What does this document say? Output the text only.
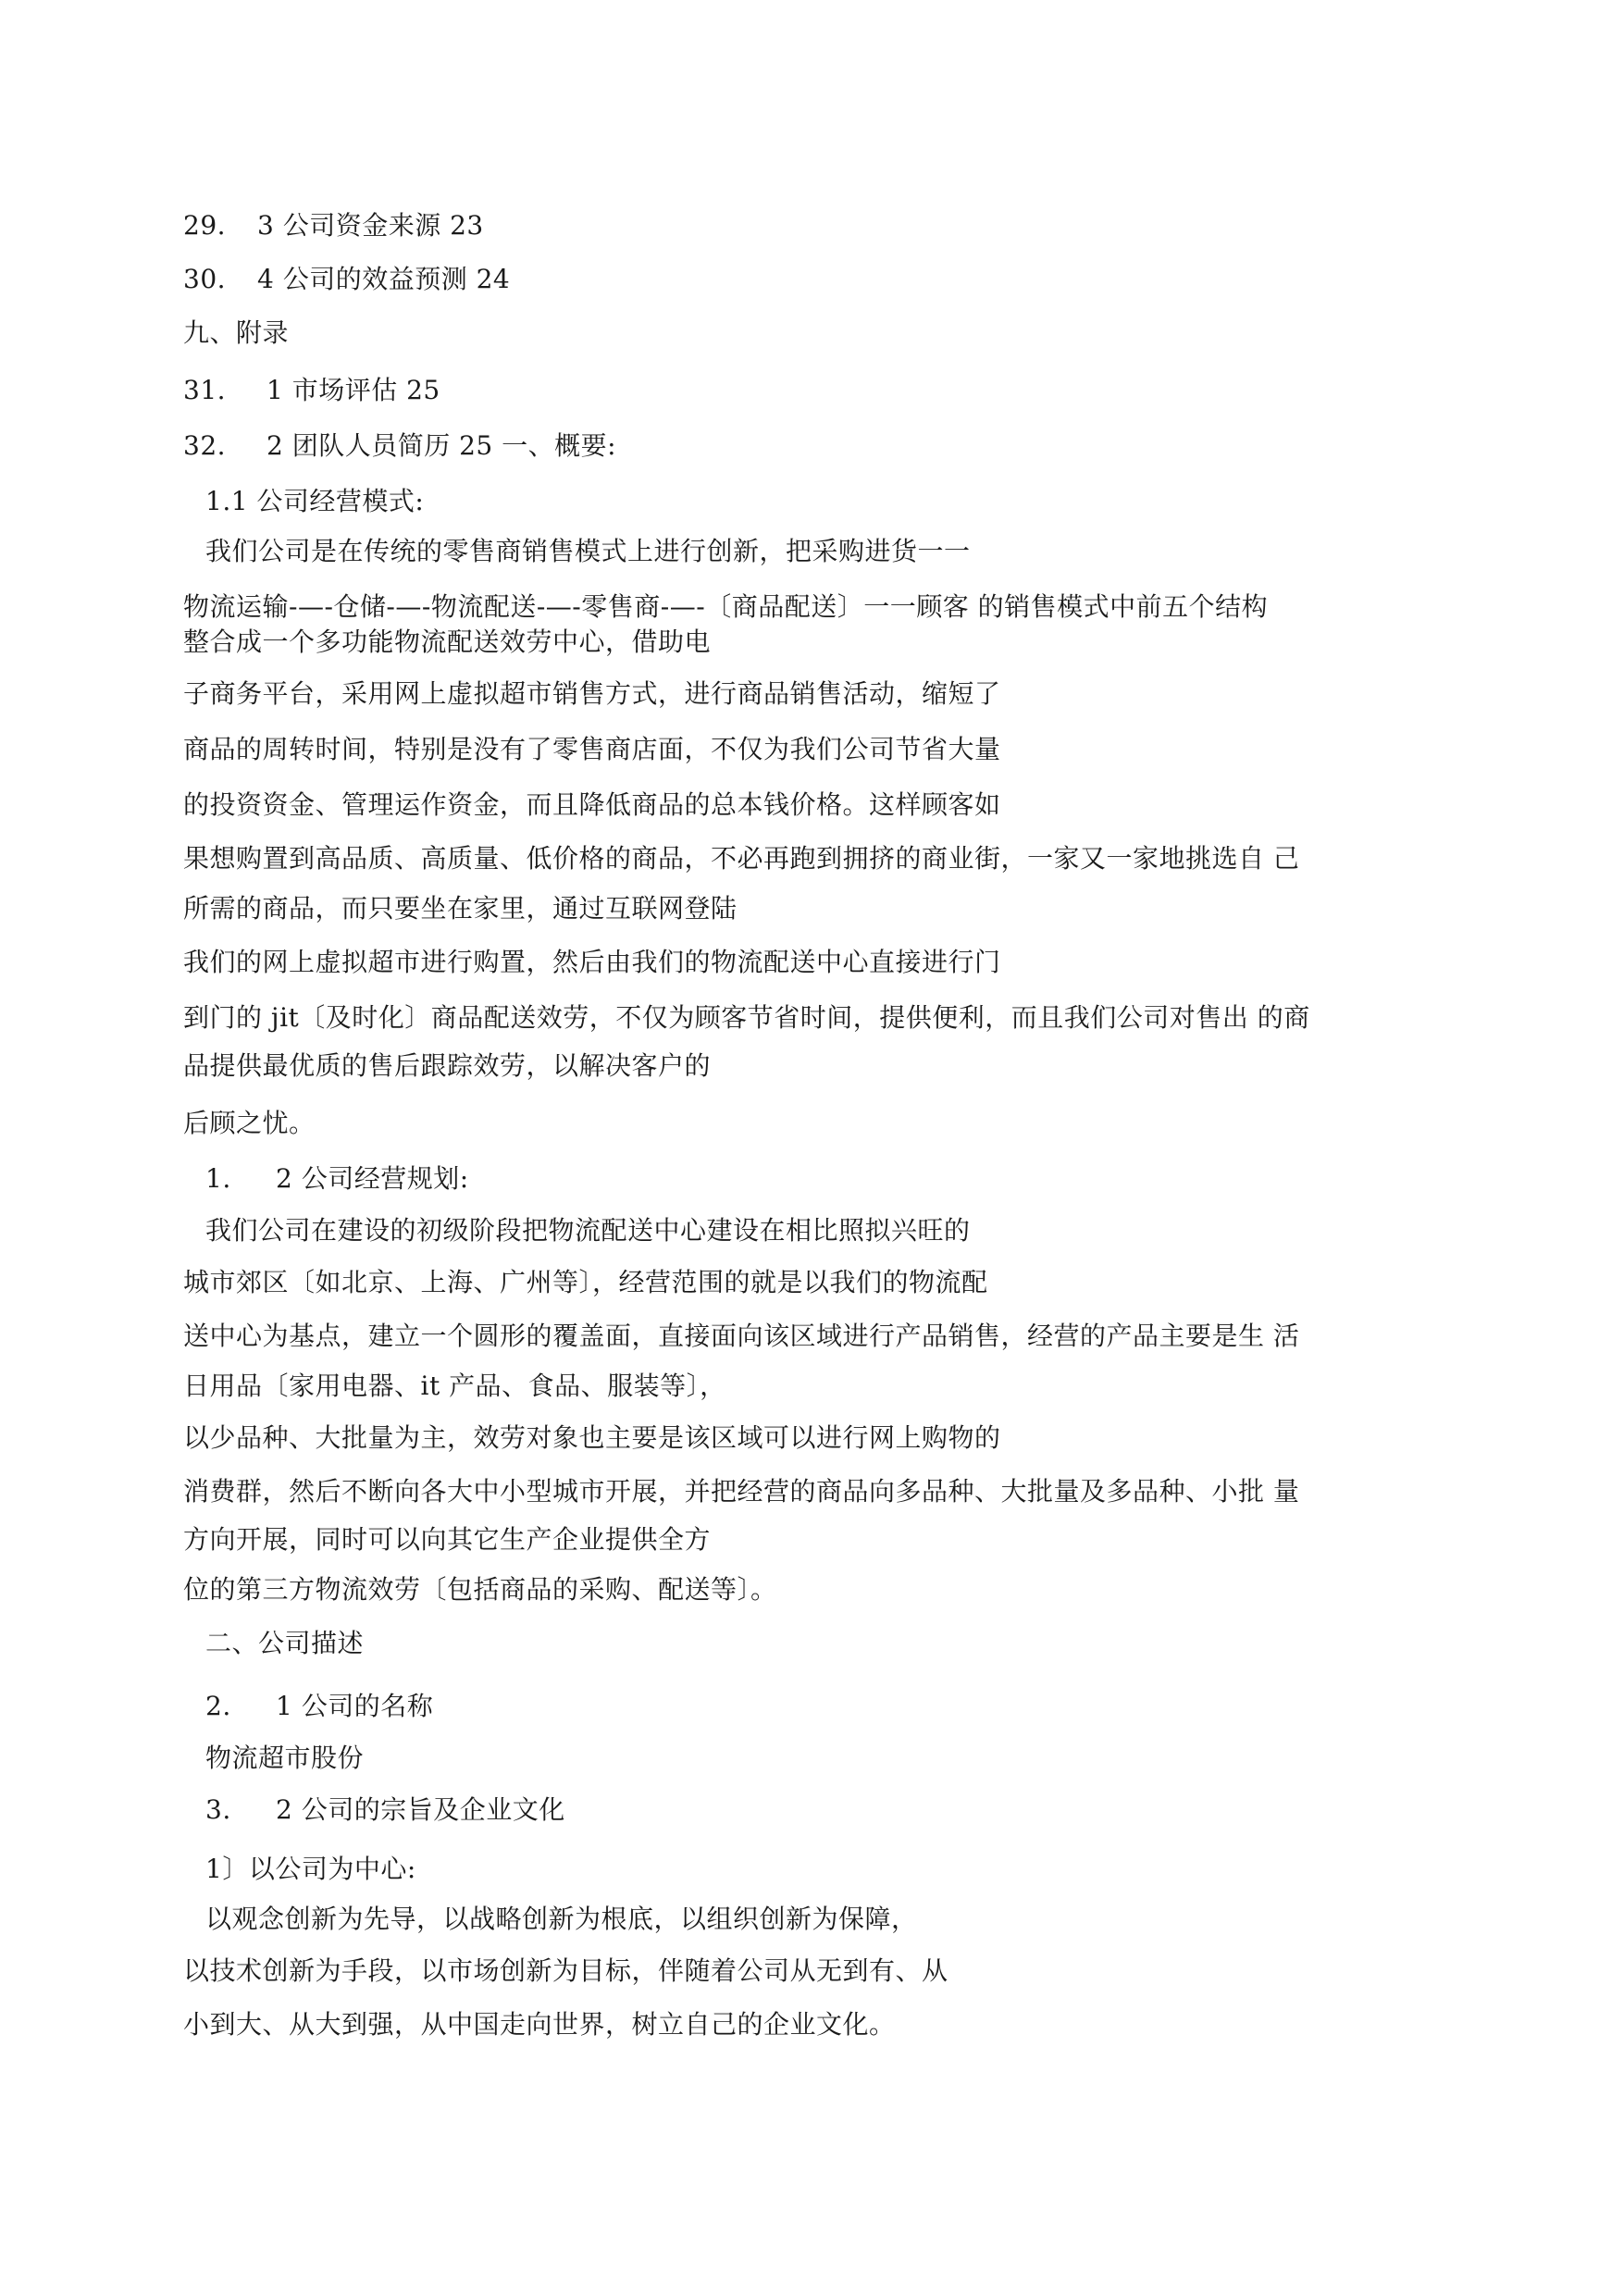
29. 3 公司资金来源 23
30. 4 公司的效益预测 24
九、附录
31. 1 市场评估 25
32. 2 团队人员简历 25 一、概要:
1.1 公司经营模式:
我们公司是在传统的零售商销售模式上进行创新，把采购进货一一
物流运输-—-仓储-—-物流配送-—-零售商-—-〔商品配送〕一一顾客 的销售模式中前五个结构
整合成一个多功能物流配送效劳中心，借助电
子商务平台，采用网上虚拟超市销售方式，进行商品销售活动，缩短了
商品的周转时间，特别是没有了零售商店面，不仅为我们公司节省大量
的投资资金、管理运作资金，而且降低商品的总本钱价格。这样顾客如
果想购置到高品质、高质量、低价格的商品，不必再跑到拥挤的商业街，一家又一家地挑选自 己
所需的商品，而只要坐在家里，通过互联网登陆
我们的网上虚拟超市进行购置，然后由我们的物流配送中心直接进行门
到门的 jit〔及时化〕商品配送效劳，不仅为顾客节省时间，提供便利，而且我们公司对售出 的商
品提供最优质的售后跟踪效劳，以解决客户的
后顾之忧。
1. 2 公司经营规划:
我们公司在建设的初级阶段把物流配送中心建设在相比照拟兴旺的
城市郊区〔如北京、上海、广州等〕，经营范围的就是以我们的物流配
送中心为基点，建立一个圆形的覆盖面，直接面向该区域进行产品销售，经营的产品主要是生 活
日用品〔家用电器、it 产品、食品、服装等〕，
以少品种、大批量为主，效劳对象也主要是该区域可以进行网上购物的
消费群，然后不断向各大中小型城市开展，并把经营的商品向多品种、大批量及多品种、小批 量
方向开展，同时可以向其它生产企业提供全方
位的第三方物流效劳〔包括商品的采购、配送等〕。
二、公司描述
2. 1 公司的名称
物流超市股份
3. 2 公司的宗旨及企业文化
1〕以公司为中心:
以观念创新为先导，以战略创新为根底，以组织创新为保障，
以技术创新为手段，以市场创新为目标，伴随着公司从无到有、从
小到大、从大到强，从中国走向世界，树立自己的企业文化。
